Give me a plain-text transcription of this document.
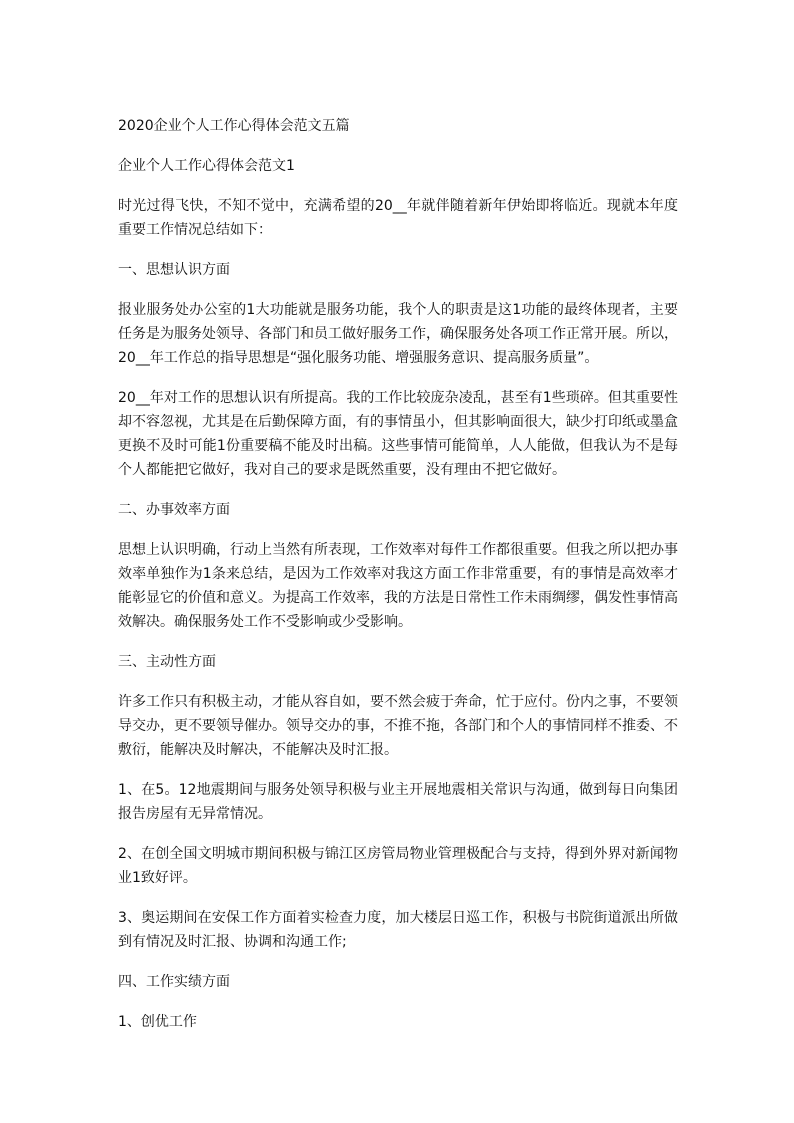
2020企业个人工作心得体会范文五篇

企业个人工作心得体会范文1

时光过得飞快，不知不觉中，充满希望的20__年就伴随着新年伊始即将临近。现就本年度重要工作情况总结如下：

一、思想认识方面

报业服务处办公室的1大功能就是服务功能，我个人的职责是这1功能的最终体现者，主要任务是为服务处领导、各部门和员工做好服务工作，确保服务处各项工作正常开展。所以，20__年工作总的指导思想是“强化服务功能、增强服务意识、提高服务质量”。

20__年对工作的思想认识有所提高。我的工作比较庞杂凌乱，甚至有1些琐碎。但其重要性却不容忽视，尤其是在后勤保障方面，有的事情虽小，但其影响面很大，缺少打印纸或墨盒更换不及时可能1份重要稿不能及时出稿。这些事情可能简单，人人能做，但我认为不是每个人都能把它做好，我对自己的要求是既然重要，没有理由不把它做好。

二、办事效率方面

思想上认识明确，行动上当然有所表现，工作效率对每件工作都很重要。但我之所以把办事效率单独作为1条来总结，是因为工作效率对我这方面工作非常重要，有的事情是高效率才能彰显它的价值和意义。为提高工作效率，我的方法是日常性工作未雨绸缪，偶发性事情高效解决。确保服务处工作不受影响或少受影响。

三、主动性方面

许多工作只有积极主动，才能从容自如，要不然会疲于奔命，忙于应付。份内之事，不要领导交办，更不要领导催办。领导交办的事，不推不拖，各部门和个人的事情同样不推委、不敷衍，能解决及时解决，不能解决及时汇报。

1、在5。12地震期间与服务处领导积极与业主开展地震相关常识与沟通，做到每日向集团报告房屋有无异常情况。

2、在创全国文明城市期间积极与锦江区房管局物业管理极配合与支持，得到外界对新闻物业1致好评。

3、奥运期间在安保工作方面着实检查力度，加大楼层日巡工作，积极与书院街道派出所做到有情况及时汇报、协调和沟通工作;

四、工作实绩方面

1、创优工作
